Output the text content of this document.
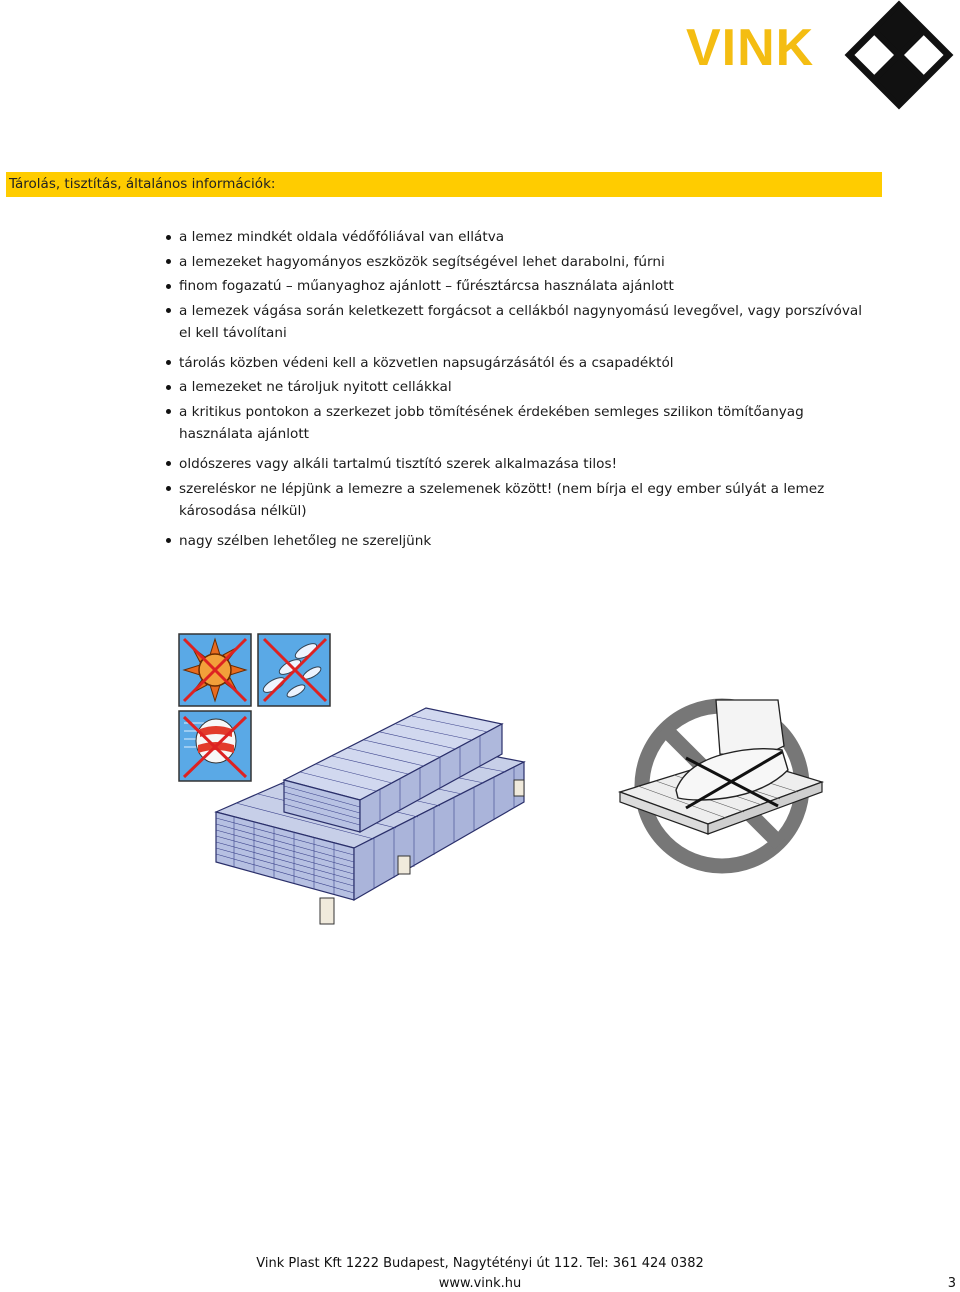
VINK
Tárolás, tisztítás, általános információk:
a lemez mindkét oldala védőfóliával van ellátva
a lemezeket hagyományos eszközök segítségével lehet darabolni, fúrni
finom fogazatú – műanyaghoz ajánlott – fűrésztárcsa használata ajánlott
a lemezek vágása során keletkezett forgácsot a cellákból nagynyomású levegővel, vagy porszívóval el kell távolítani
tárolás közben védeni kell a közvetlen napsugárzásától és a csapadéktól
a lemezeket ne tároljuk nyitott cellákkal
a kritikus pontokon a szerkezet jobb tömítésének érdekében semleges szilikon tömítőanyag használata ajánlott
oldószeres vagy alkáli tartalmú tisztító szerek alkalmazása tilos!
szereléskor ne lépjünk a lemezre a szelemenek között! (nem bírja el egy ember súlyát a lemez károsodása nélkül)
nagy szélben lehetőleg ne szereljünk
Vink Plast Kft 1222 Budapest, Nagytétényi út 112. Tel: 361 424 0382
www.vink.hu	3
